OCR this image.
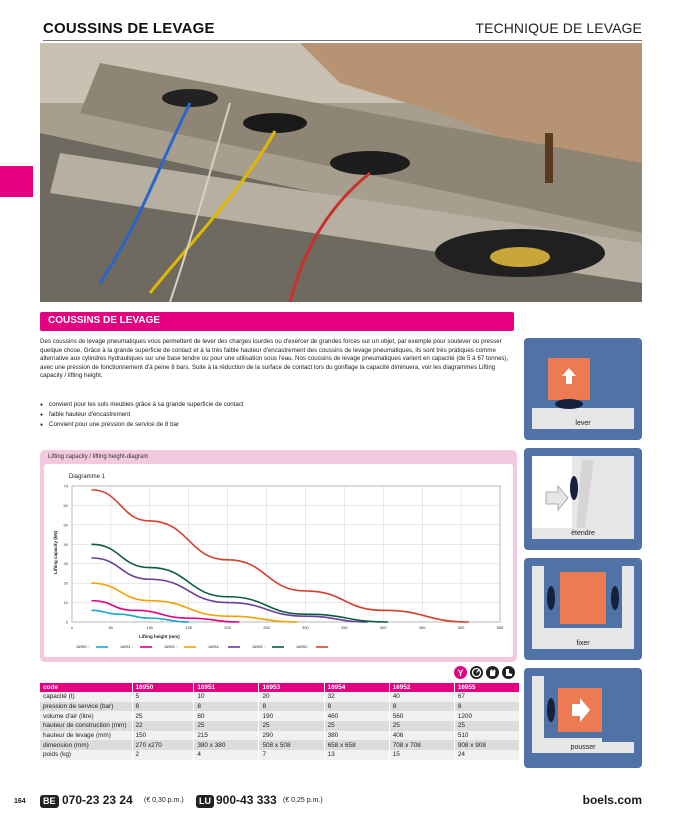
COUSSINS DE LEVAGE	TECHNIQUE DE LEVAGE
COUSSINS DE LEVAGE

Des coussins de levage pneumatiques vous permettent de lever des charges lourdes ou d'exercer de grandes forces sur un objet, par exemple pour soulever ou presser quelque chose. Grâce à la grande superficie de contact et à la très faible hauteur d'encastrement des coussins de levage pneumatiques, ils sont très pratiques comme alternative aux cylindres hydrauliques sur une base tendre ou pour une utilisation sous l'eau. Nos coussins de levage pneumatiques varient en capacité (de 5 à 67 tonnes), avec une pression de fonctionnement d'à peine 8 bars. Suite à la réduction de la surface de contact lors du gonflage la capacité diminuera, voir les diagrammes Lifting capacity / lifting height.

● convient pour les sols meubles grâce à sa grande superficie de contact
● faible hauteur d'encastrement
● Convient pour une pression de service de 8 bar	lever
étendre
fixer
pousser
Lifting capacity / lifting height-diagram
Diagramme 1
0	50	100	150	200	250	300	350	400	450	500	550
0
10
20
30
40
50
60
70
Lifting capacity (kN)
Lifting height (mm)
16950 :	16951 :	16953 :	16954 :	16952 :	16955 :
Y
code	16950	16951	16953	16954	16952	16955
capacité (t)	5	10	20	32	40	67
pression de service (bar)	8	8	8	8	8	8
volume d'air (litre)	25	80	190	460	560	1200
hauteur de construction (mm)	22	25	25	25	25	25
hauteur de levage (mm)	150	215	290	380	406	510
dimension (mm)	270 x270	380 x 380	508 x 508	658 x 658	708 x 708	908 x 908
poids (kg)	2	4	7	13	15	24
164	BE 070-23 23 24 (€ 0,30 p.m.)	LU 900-43 333 (€ 0,25 p.m.)	boels.com
